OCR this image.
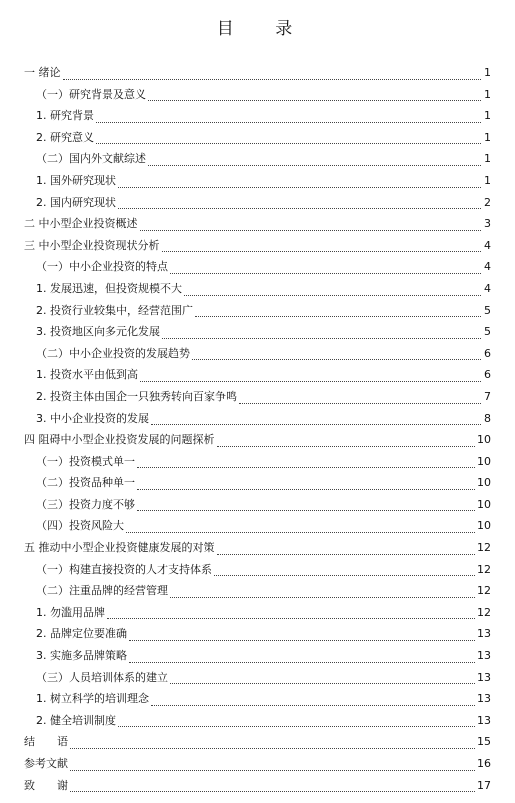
目 录
一 绪论	1
（一）研究背景及意义	1
1. 研究背景	1
2. 研究意义	1
（二）国内外文献综述	1
1. 国外研究现状	1
2. 国内研究现状	2
二 中小型企业投资概述	3
三 中小型企业投资现状分析	4
（一）中小企业投资的特点	4
1. 发展迅速，但投资规模不大	4
2. 投资行业较集中，经营范围广	5
3. 投资地区向多元化发展	5
（二）中小企业投资的发展趋势	6
1. 投资水平由低到高	6
2. 投资主体由国企一只独秀转向百家争鸣	7
3. 中小企业投资的发展	8
四 阻碍中小型企业投资发展的问题探析	10
（一）投资模式单一	10
（二）投资品种单一	10
（三）投资力度不够	10
（四）投资风险大	10
五 推动中小型企业投资健康发展的对策	12
（一）构建直接投资的人才支持体系	12
（二）注重品牌的经营管理	12
1. 勿滥用品牌	12
2. 品牌定位要准确	13
3. 实施多品牌策略	13
（三）人员培训体系的建立	13
1. 树立科学的培训理念	13
2. 健全培训制度	13
结　　语	15
参考文献	16
致　　谢	17
